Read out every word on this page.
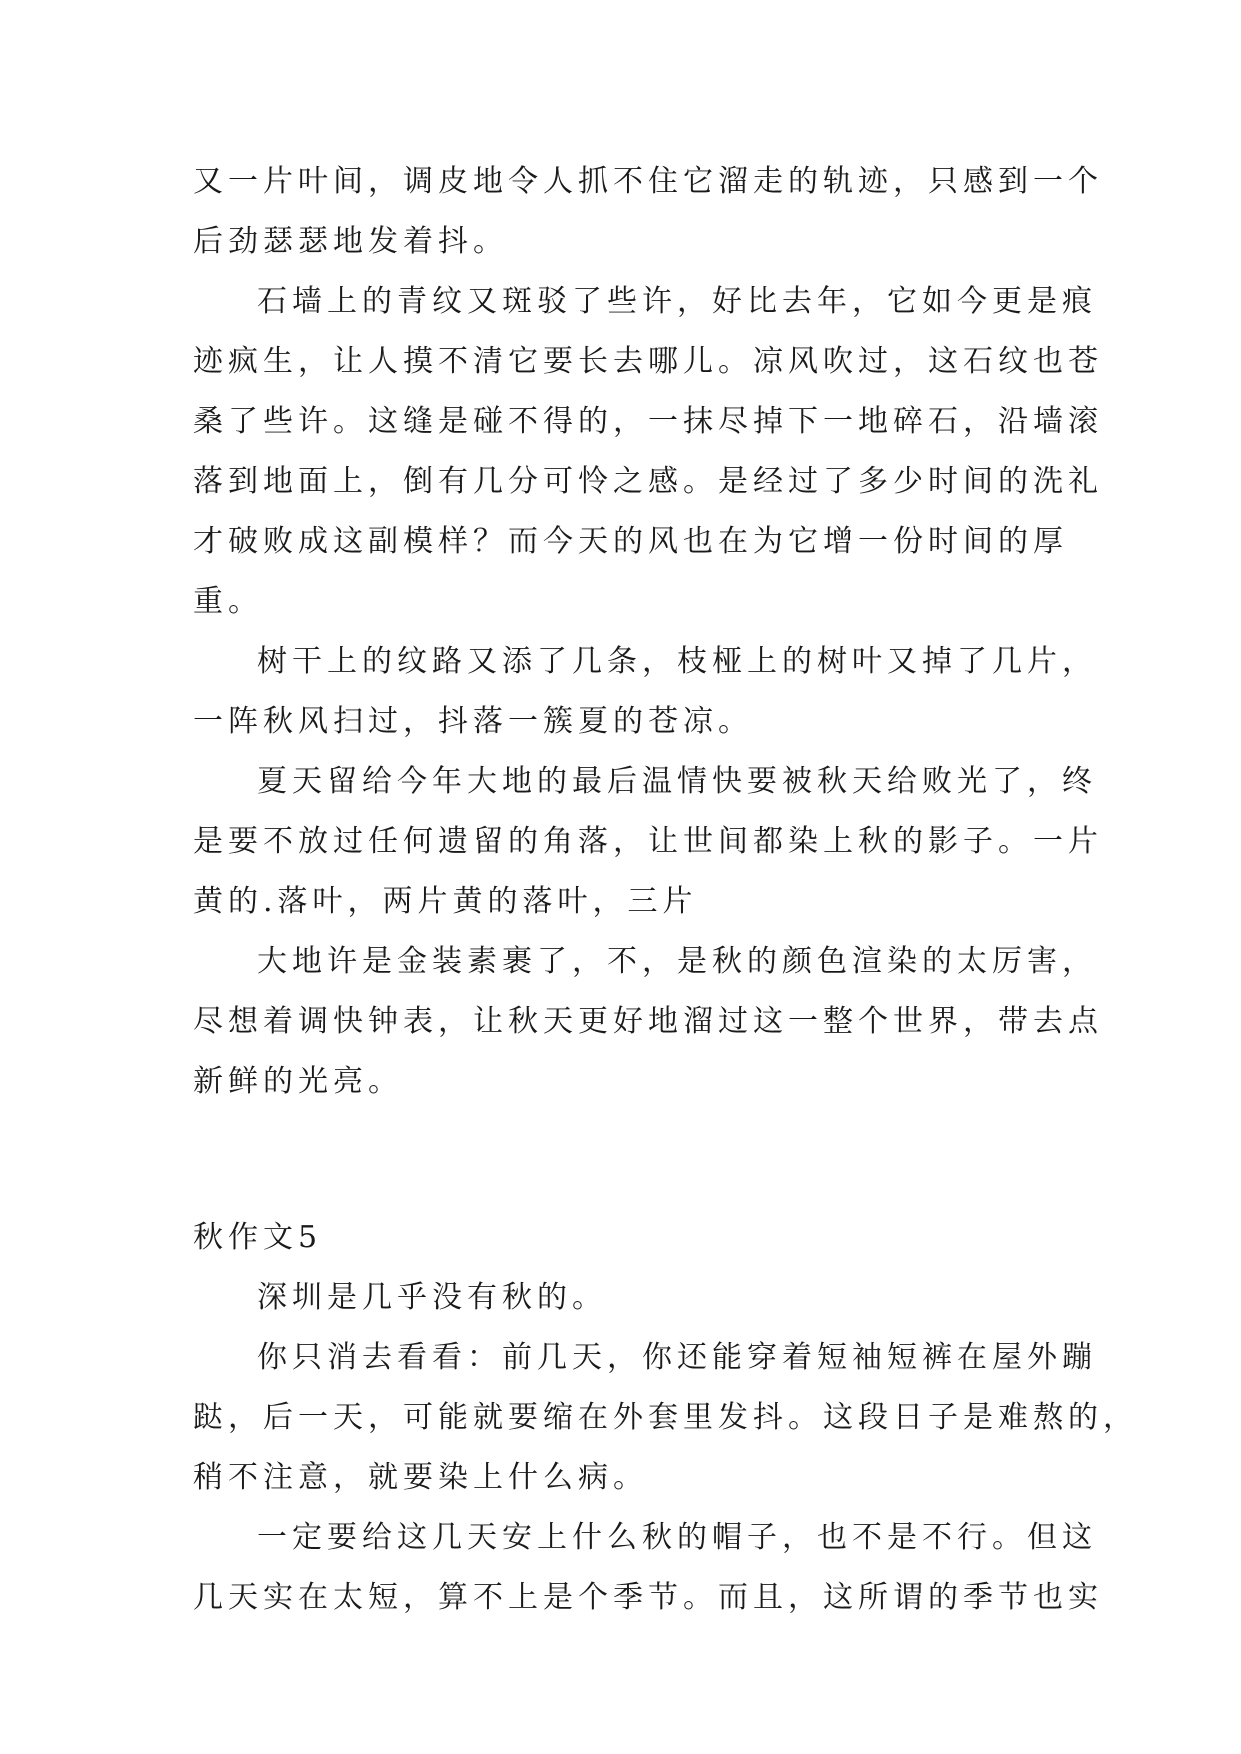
又一片叶间，调皮地令人抓不住它溜走的轨迹，只感到一个
后劲瑟瑟地发着抖。
石墙上的青纹又斑驳了些许，好比去年，它如今更是痕
迹疯生，让人摸不清它要长去哪儿。凉风吹过，这石纹也苍
桑了些许。这缝是碰不得的，一抹尽掉下一地碎石，沿墙滚
落到地面上，倒有几分可怜之感。是经过了多少时间的洗礼
才破败成这副模样？而今天的风也在为它增一份时间的厚
重。
树干上的纹路又添了几条，枝桠上的树叶又掉了几片，
一阵秋风扫过，抖落一簇夏的苍凉。
夏天留给今年大地的最后温情快要被秋天给败光了，终
是要不放过任何遗留的角落，让世间都染上秋的影子。一片
黄的.落叶，两片黄的落叶，三片
大地许是金装素裹了，不，是秋的颜色渲染的太厉害，
尽想着调快钟表，让秋天更好地溜过这一整个世界，带去点
新鲜的光亮。
秋作文5
深圳是几乎没有秋的。
你只消去看看：前几天，你还能穿着短袖短裤在屋外蹦
跶，后一天，可能就要缩在外套里发抖。这段日子是难熬的，
稍不注意，就要染上什么病。
一定要给这几天安上什么秋的帽子，也不是不行。但这
几天实在太短，算不上是个季节。而且，这所谓的季节也实
